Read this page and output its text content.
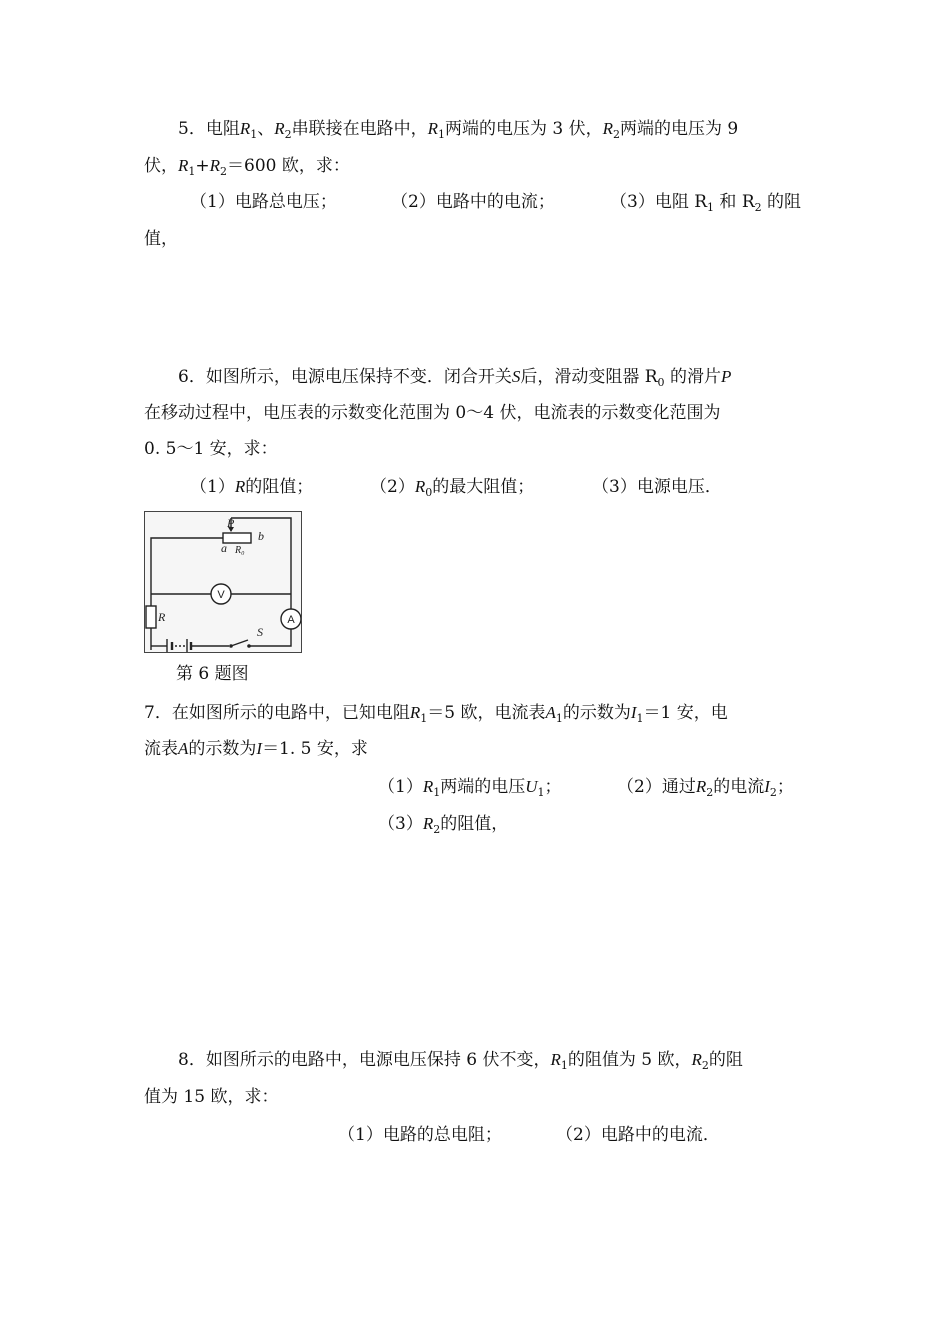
5．电阻$R_1$、$R_2$串联接在电路中，$R_1$两端的电压为 3 伏，$R_2$两端的电压为 9
伏，$R_1+R_2=600$ 欧，求：
（1）电路总电压；	（2）电路中的电流；	（3）电阻 $R_1$ 和 $R_2$ 的阻
值，
6．如图所示，电源电压保持不变．闭合开关S后，滑动变阻器 $R_0$ 的滑片P
在移动过程中，电压表的示数变化范围为 0～4 伏，电流表的示数变化范围为
0. 5～1 安，求：
（1）R的阻值；	$(2)R_0$的最大阻值；	（3）电源电压．
P
b
a R₀
R
S
V
A
第 6 题图
7．在如图所示的电路中，已知电阻$R_1=5$ 欧，电流表$A_1$的示数为$I_1=1$ 安，电
流表A的示数为I＝1. 5 安，求
$(1)R_1$两端的电压$U_1$；	（2）通过$R_2$的电流$I_2$；
$(3)R_2$的阻值，
8．如图所示的电路中，电源电压保持 6 伏不变，$R_1$的阻值为 5 欧，$R_2$的阻
值为 15 欧，求：
（1）电路的总电阻；	（2）电路中的电流．
